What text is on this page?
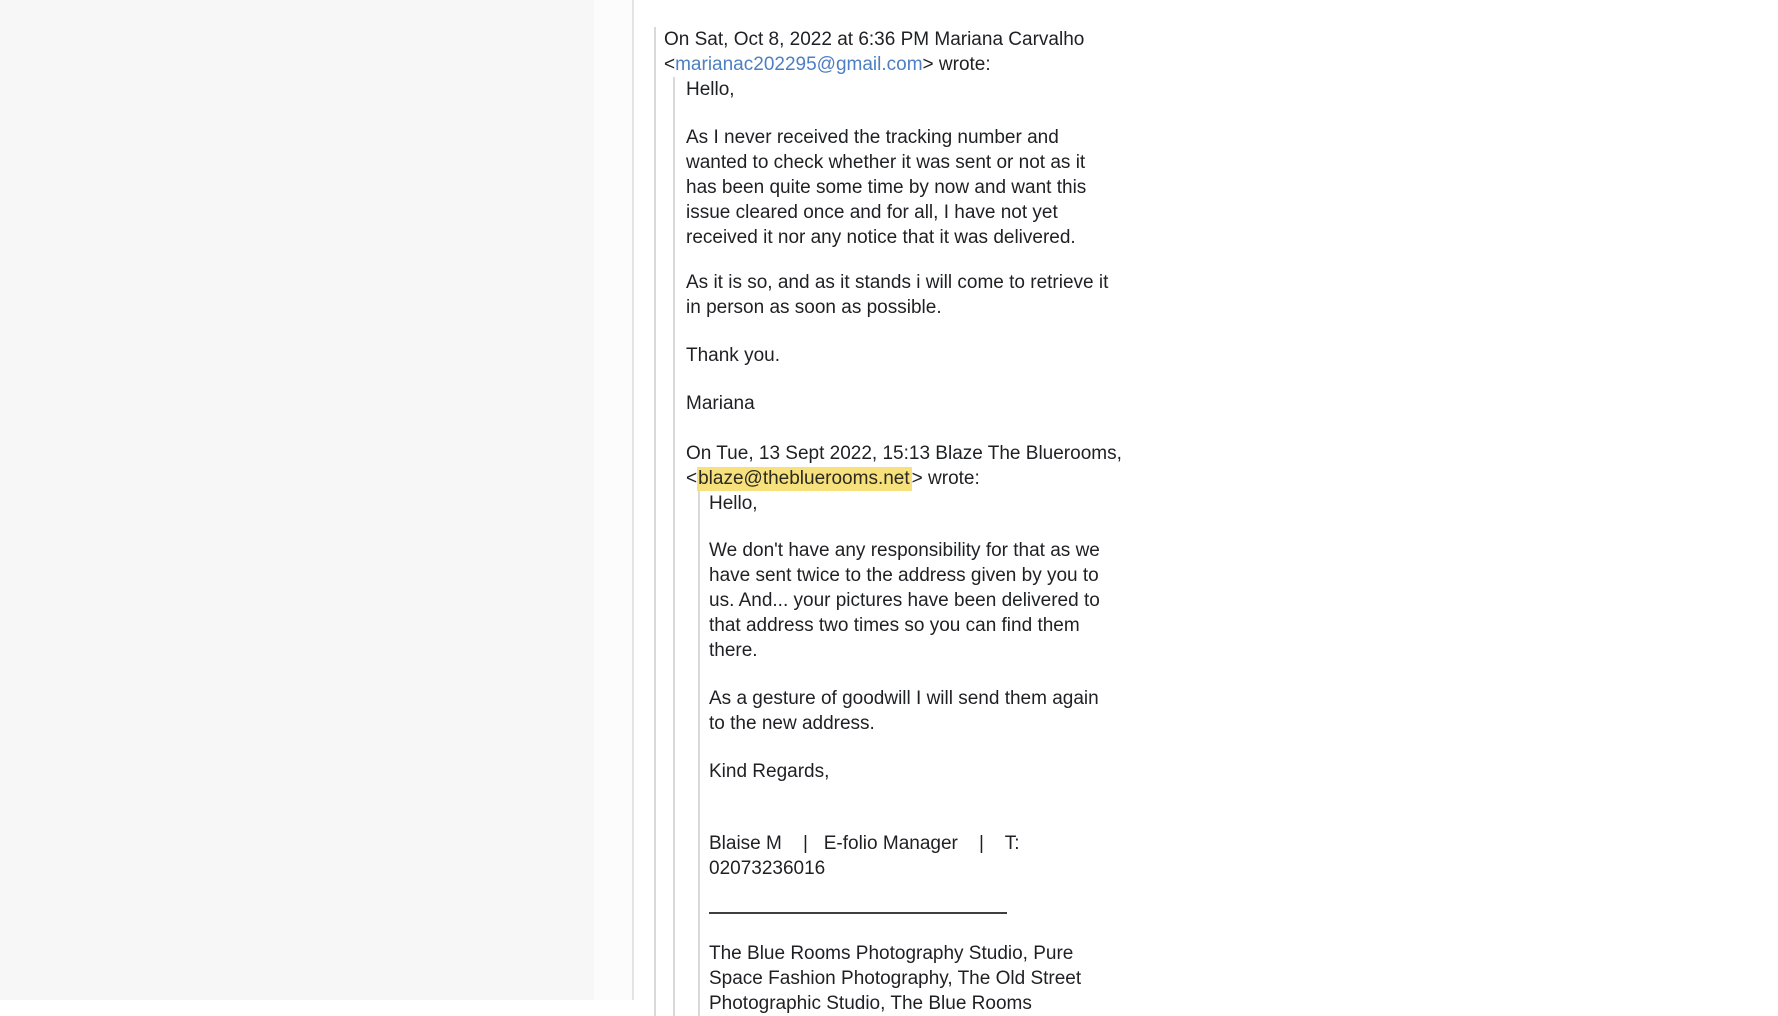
On Sat, Oct 8, 2022 at 6:36 PM Mariana Carvalho
<marianac202295@gmail.com> wrote:
Hello,
As I never received the tracking number and
wanted to check whether it was sent or not as it
has been quite some time by now and want this
issue cleared once and for all, I have not yet
received it nor any notice that it was delivered.
As it is so, and as it stands i will come to retrieve it
in person as soon as possible.
Thank you.
Mariana
On Tue, 13 Sept 2022, 15:13 Blaze The Bluerooms,
<blaze@thebluerooms.net > wrote:
Hello,
We don't have any responsibility for that as we
have sent twice to the address given by you to
us. And... your pictures have been delivered to
that address two times so you can find them
there.
As a gesture of goodwill I will send them again
to the new address.
Kind Regards,
Blaise M    |   E-folio Manager    |    T:
02073236016
The Blue Rooms Photography Studio, Pure
Space Fashion Photography, The Old Street
Photographic Studio, The Blue Rooms
